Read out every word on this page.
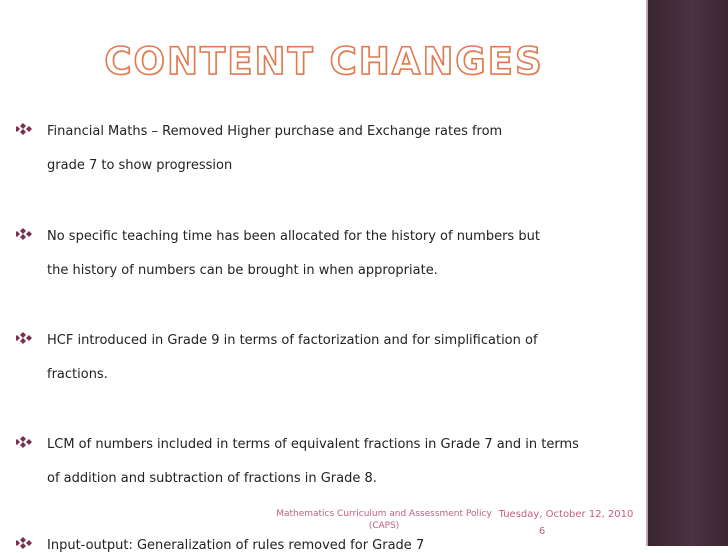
CONTENT CHANGES
Financial Maths – Removed Higher purchase and Exchange rates from
grade 7 to show progression
No specific teaching time has been allocated for the history of numbers but
the history of numbers can be brought in when appropriate.
HCF introduced in Grade 9 in terms of factorization and for simplification of
fractions.
LCM of numbers included in terms of equivalent fractions in Grade 7 and in terms
of addition and subtraction of fractions in Grade 8.
Input-output: Generalization of rules removed for Grade 7
Mathematics Curriculum and Assessment Policy
(CAPS)
Tuesday, October 12, 2010
6
